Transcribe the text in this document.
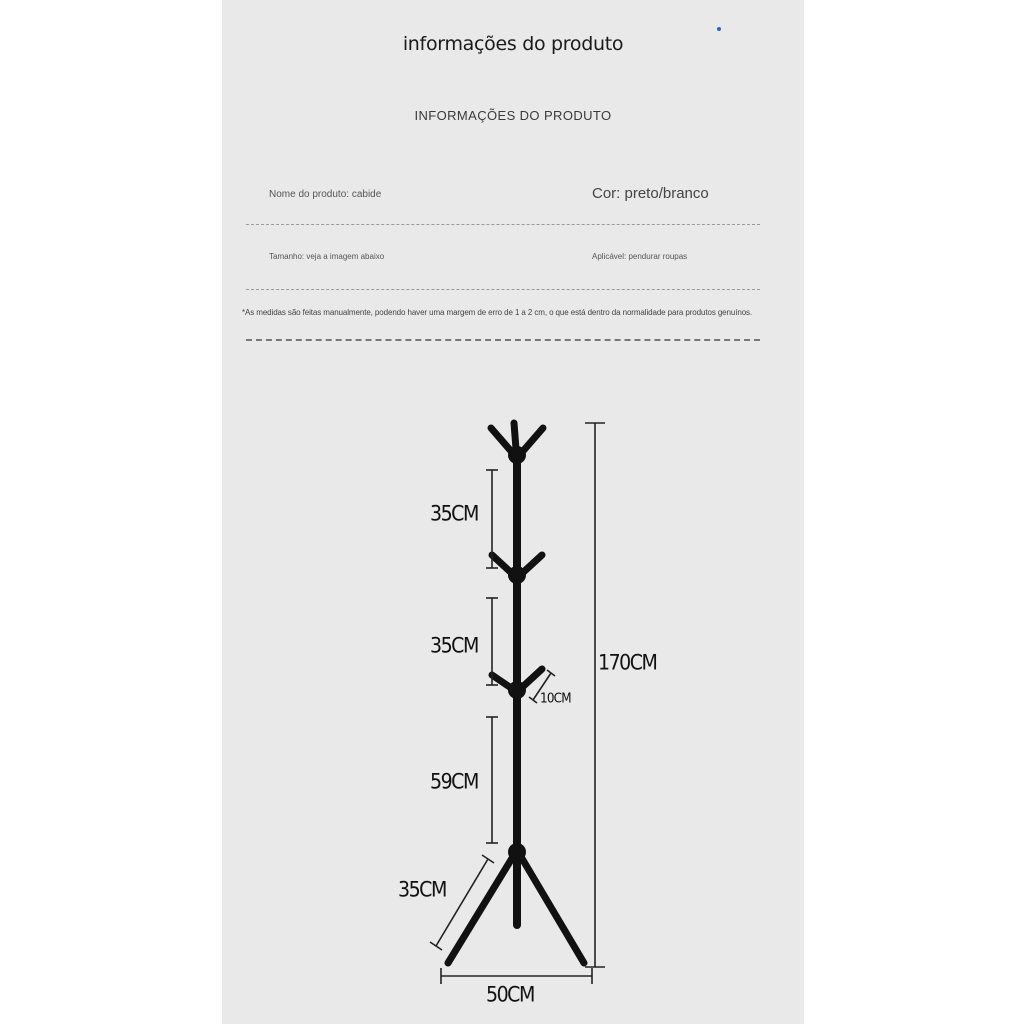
informações do produto
INFORMAÇÕES DO PRODUTO
Nome do produto: cabide	Cor: preto/branco
Tamanho: veja a imagem abaixo	Aplicável: pendurar roupas
*As medidas são feitas manualmente, podendo haver uma margem de erro de 1 a 2 cm, o que está dentro da normalidade para produtos genuínos.
35CM
35CM
10CM
170CM
59CM
35CM
50CM
